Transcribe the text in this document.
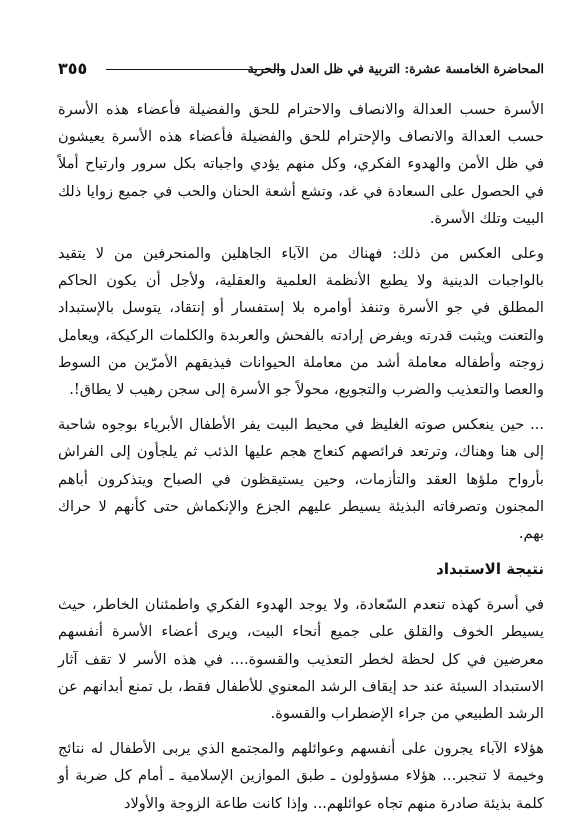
٣٥٥	المحاضرة الخامسة عشرة: التربية في ظل العدل والحرية

الأسرة حسب العدالة والانصاف والاحترام للحق والفضيلة فأعضاء هذه الأسرة حسب العدالة والانصاف والإحترام للحق والفضيلة فأعضاء هذه الأسرة يعيشون في ظل الأمن والهدوء الفكري، وكل منهم يؤدي واجباته بكل سرور وارتياح أملاً في الحصول على السعادة في غد، وتشع أشعة الحنان والحب في جميع زوايا ذلك البيت وتلك الأسرة.

وعلى العكس من ذلك: فهناك من الآباء الجاهلين والمنحرفين من لا يتقيد بالواجبات الدينية ولا يطبع الأنظمة العلمية والعقلية، ولأجل أن يكون الحاكم المطلق في جو الأسرة وتنفذ أوامره بلا إستفسار أو إنتقاد، يتوسل بالإستبداد والتعنت ويثبت قدرته ويفرض إرادته بالفحش والعربدة والكلمات الركيكة، ويعامل زوجته وأطفاله معاملة أشد من معاملة الحيوانات فيذيقهم الأمرّين من السوط والعصا والتعذيب والضرب والتجويع، محولاً جو الأسرة إلى سجن رهيب لا يطاق!.

... حين ينعكس صوته الغليظ في محيط البيت يفر الأطفال الأبرياء بوجوه شاحبة إلى هنا وهناك، وترتعد فرائصهم كنعاج هجم عليها الذئب ثم يلجأون إلى الفراش بأرواح ملؤها العقد والتأزمات، وحين يستيقظون في الصباح ويتذكرون أباهم المجنون وتصرفاته البذيئة يسيطر عليهم الجزع والإنكماش حتى كأنهم لا حراك بهم.

نتيجة الاستبداد

في أسرة كهذه تنعدم السّعادة، ولا يوجد الهدوء الفكري واطمئنان الخاطر، حيث يسيطر الخوف والقلق على جميع أنحاء البيت، ويرى أعضاء الأسرة أنفسهم معرضين في كل لحظة لخطر التعذيب والقسوة.... في هذه الأسر لا تقف آثار الاستبداد السيئة عند حد إيقاف الرشد المعنوي للأطفال فقط، بل تمنع أبدانهم عن الرشد الطبيعي من جراء الإضطراب والقسوة.

هؤلاء الآباء يجرون على أنفسهم وعوائلهم والمجتمع الذي يربى الأطفال له نتائج وخيمة لا تنجبر... هؤلاء مسؤولون ـ طبق الموازين الإسلامية ـ أمام كل ضربة أو كلمة بذيئة صادرة منهم تجاه عوائلهم... وإذا كانت طاعة الزوجة والأولاد
